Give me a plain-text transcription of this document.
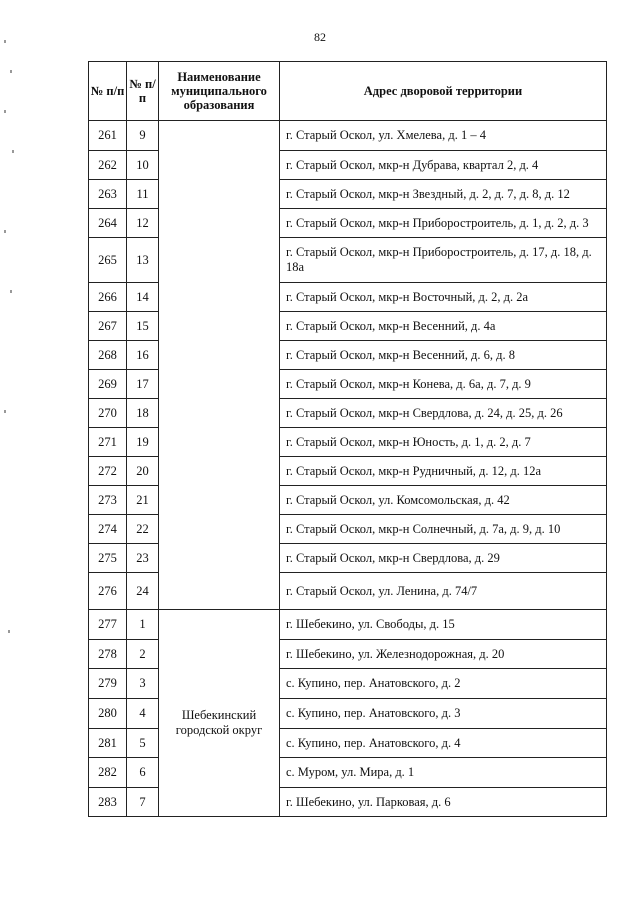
82
№ п/п	№ п/п	Наименование муниципального образования	Адрес дворовой территории
261	9		г. Старый Оскол, ул. Хмелева, д. 1 – 4
262	10		г. Старый Оскол, мкр-н Дубрава, квартал 2, д. 4
263	11		г. Старый Оскол, мкр-н Звездный, д. 2, д. 7, д. 8, д. 12
264	12		г. Старый Оскол, мкр-н Приборостроитель, д. 1, д. 2, д. 3
265	13		г. Старый Оскол, мкр-н Приборостроитель, д. 17, д. 18, д. 18а
266	14		г. Старый Оскол, мкр-н Восточный, д. 2, д. 2а
267	15		г. Старый Оскол, мкр-н Весенний, д. 4а
268	16		г. Старый Оскол, мкр-н Весенний, д. 6, д. 8
269	17		г. Старый Оскол, мкр-н Конева, д. 6а, д. 7, д. 9
270	18		г. Старый Оскол, мкр-н Свердлова, д. 24, д. 25, д. 26
271	19		г. Старый Оскол, мкр-н Юность, д. 1, д. 2, д. 7
272	20		г. Старый Оскол, мкр-н Рудничный, д. 12, д. 12а
273	21		г. Старый Оскол, ул. Комсомольская, д. 42
274	22		г. Старый Оскол, мкр-н Солнечный, д. 7а, д. 9, д. 10
275	23		г. Старый Оскол, мкр-н Свердлова, д. 29
276	24		г. Старый Оскол, ул. Ленина, д. 74/7
277	1	Шебекинский городской округ	г. Шебекино, ул. Свободы, д. 15
278	2		г. Шебекино, ул. Железнодорожная, д. 20
279	3		с. Купино, пер. Анатовского, д. 2
280	4		с. Купино, пер. Анатовского, д. 3
281	5		с. Купино, пер. Анатовского, д. 4
282	6		с. Муром, ул. Мира, д. 1
283	7		г. Шебекино, ул. Парковая, д. 6
